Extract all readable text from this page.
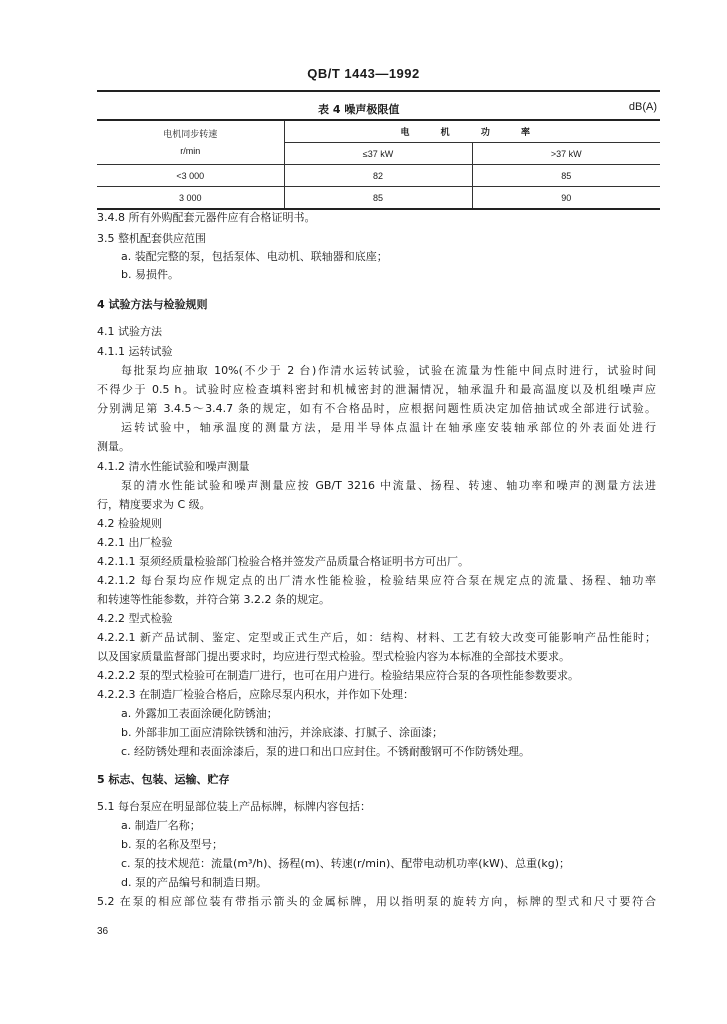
QB/T 1443—1992
表 4 噪声极限值	dB(A)
电机同步转速
r/min	电 机 功 率	
	≤37 kW	>37 kW
<3 000	82	85
3 000	85	90
3.4.8 所有外购配套元器件应有合格证明书。
3.5 整机配套供应范围
a. 装配完整的泵，包括泵体、电动机、联轴器和底座；
b. 易损件。
4 试验方法与检验规则
4.1 试验方法
4.1.1 运转试验
每批泵均应抽取 10%(不少于 2 台)作清水运转试验，试验在流量为性能中间点时进行，试验时间
不得少于 0.5 h。试验时应检查填料密封和机械密封的泄漏情况，轴承温升和最高温度以及机组噪声应
分别满足第 3.4.5～3.4.7 条的规定，如有不合格品时，应根据问题性质决定加倍抽试或全部进行试验。
运转试验中，轴承温度的测量方法，是用半导体点温计在轴承座安装轴承部位的外表面处进行
测量。
4.1.2 清水性能试验和噪声测量
泵的清水性能试验和噪声测量应按 GB/T 3216 中流量、扬程、转速、轴功率和噪声的测量方法进
行，精度要求为 C 级。
4.2 检验规则
4.2.1 出厂检验
4.2.1.1 泵须经质量检验部门检验合格并签发产品质量合格证明书方可出厂。
4.2.1.2 每台泵均应作规定点的出厂清水性能检验，检验结果应符合泵在规定点的流量、扬程、轴功率
和转速等性能参数，并符合第 3.2.2 条的规定。
4.2.2 型式检验
4.2.2.1 新产品试制、鉴定、定型或正式生产后，如：结构、材料、工艺有较大改变可能影响产品性能时；
以及国家质量监督部门提出要求时，均应进行型式检验。型式检验内容为本标准的全部技术要求。
4.2.2.2 泵的型式检验可在制造厂进行，也可在用户进行。检验结果应符合泵的各项性能参数要求。
4.2.2.3 在制造厂检验合格后，应除尽泵内积水，并作如下处理：
a. 外露加工表面涂硬化防锈油；
b. 外部非加工面应清除铁锈和油污，并涂底漆、打腻子、涂面漆；
c. 经防锈处理和表面涂漆后，泵的进口和出口应封住。不锈耐酸钢可不作防锈处理。
5 标志、包装、运输、贮存
5.1 每台泵应在明显部位装上产品标牌，标牌内容包括：
a. 制造厂名称；
b. 泵的名称及型号；
c. 泵的技术规范：流量(m³/h)、扬程(m)、转速(r/min)、配带电动机功率(kW)、总重(kg)；
d. 泵的产品编号和制造日期。
5.2 在泵的相应部位装有带指示箭头的金属标牌，用以指明泵的旋转方向，标牌的型式和尺寸要符合
36
